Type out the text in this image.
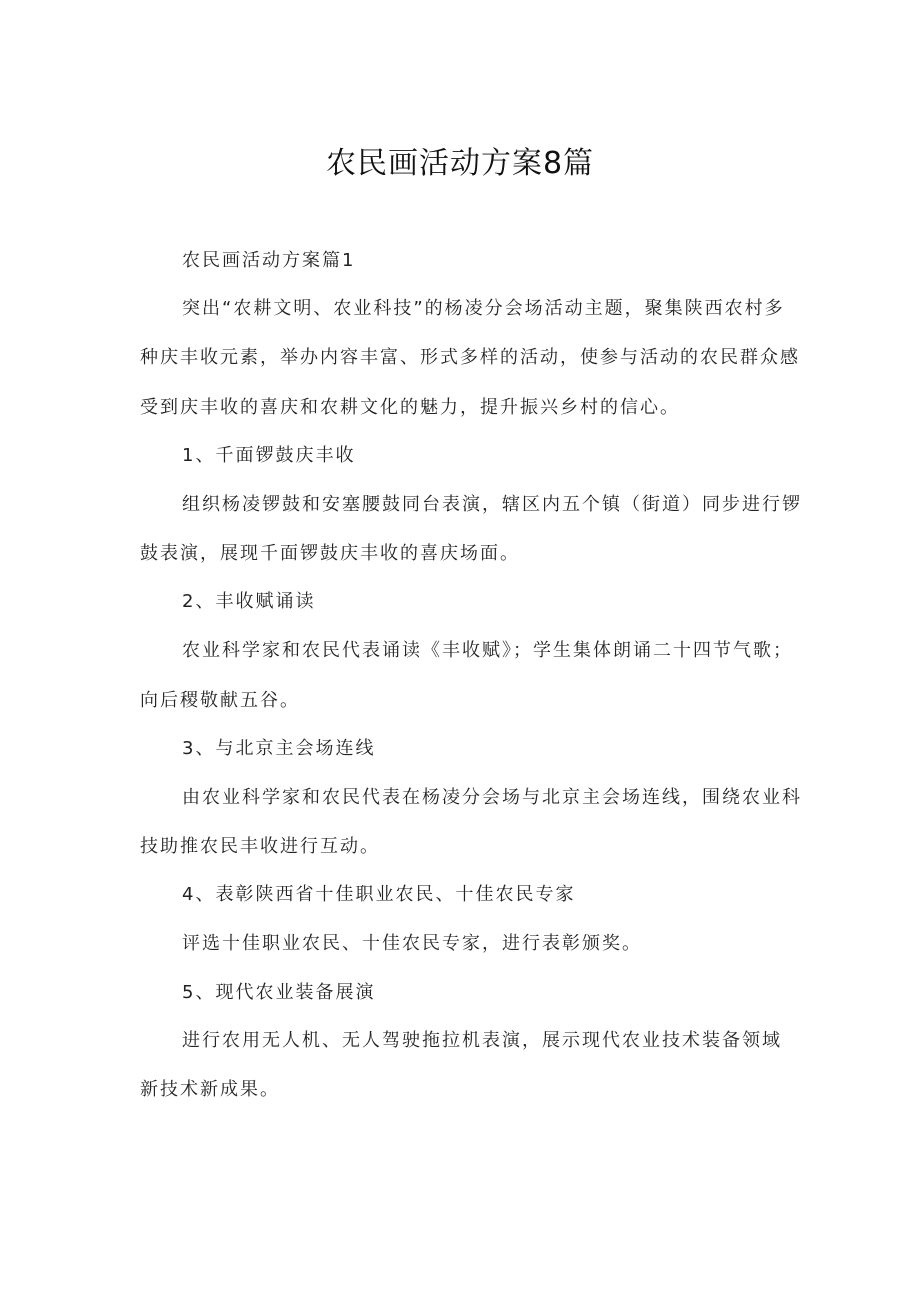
农民画活动方案8篇
农民画活动方案篇1
突出“农耕文明、农业科技”的杨凌分会场活动主题，聚集陕西农村多
种庆丰收元素，举办内容丰富、形式多样的活动，使参与活动的农民群众感
受到庆丰收的喜庆和农耕文化的魅力，提升振兴乡村的信心。
1、千面锣鼓庆丰收
组织杨凌锣鼓和安塞腰鼓同台表演，辖区内五个镇（街道）同步进行锣
鼓表演，展现千面锣鼓庆丰收的喜庆场面。
2、丰收赋诵读
农业科学家和农民代表诵读《丰收赋》；学生集体朗诵二十四节气歌；
向后稷敬献五谷。
3、与北京主会场连线
由农业科学家和农民代表在杨凌分会场与北京主会场连线，围绕农业科
技助推农民丰收进行互动。
4、表彰陕西省十佳职业农民、十佳农民专家
评选十佳职业农民、十佳农民专家，进行表彰颁奖。
5、现代农业装备展演
进行农用无人机、无人驾驶拖拉机表演，展示现代农业技术装备领域
新技术新成果。
